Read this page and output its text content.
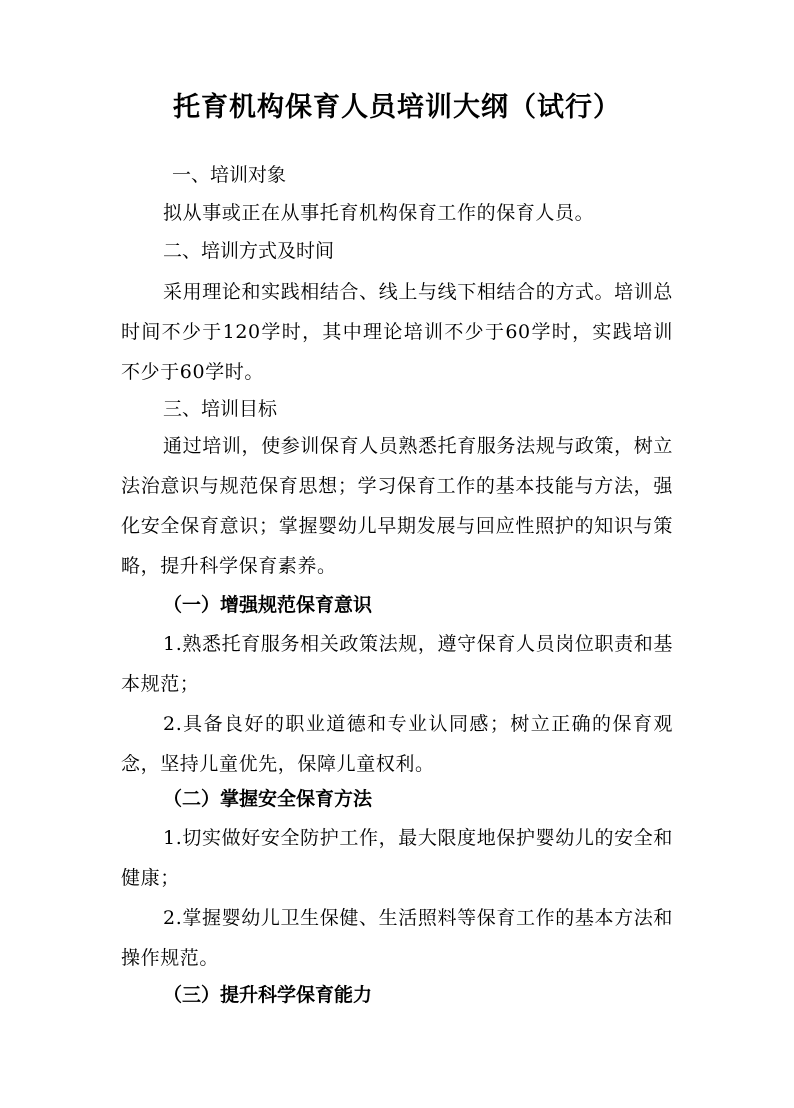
托育机构保育人员培训大纲（试行）
一、培训对象
拟从事或正在从事托育机构保育工作的保育人员。
二、培训方式及时间
采用理论和实践相结合、线上与线下相结合的方式。培训总时间不少于120学时，其中理论培训不少于60学时，实践培训不少于60学时。
三、培训目标
通过培训，使参训保育人员熟悉托育服务法规与政策，树立法治意识与规范保育思想；学习保育工作的基本技能与方法，强化安全保育意识；掌握婴幼儿早期发展与回应性照护的知识与策略，提升科学保育素养。
（一）增强规范保育意识
1.熟悉托育服务相关政策法规，遵守保育人员岗位职责和基本规范；
2.具备良好的职业道德和专业认同感；树立正确的保育观念，坚持儿童优先，保障儿童权利。
（二）掌握安全保育方法
1.切实做好安全防护工作，最大限度地保护婴幼儿的安全和健康；
2.掌握婴幼儿卫生保健、生活照料等保育工作的基本方法和操作规范。
（三）提升科学保育能力
